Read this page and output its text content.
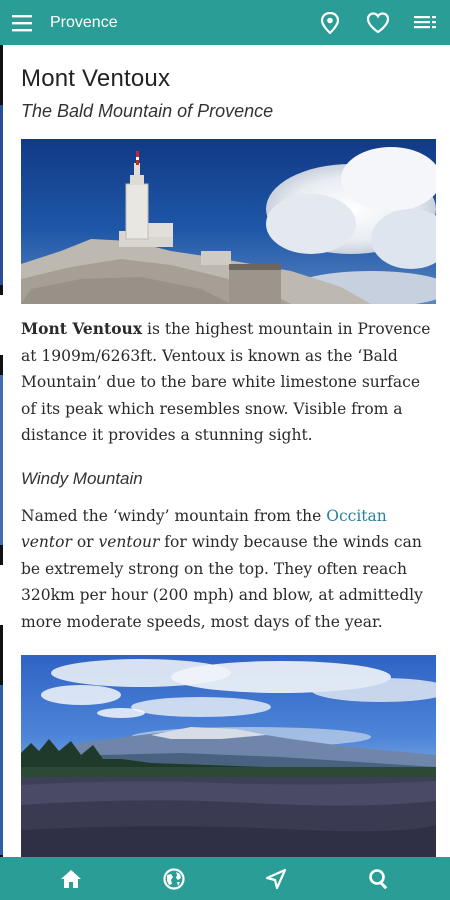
Provence
Mont Ventoux
The Bald Mountain of Provence

Mont Ventoux is the highest mountain in Provence at 1909m/6263ft. Ventoux is known as the ‘Bald Mountain’ due to the bare white limestone surface of its peak which resembles snow. Visible from a distance it provides a stunning sight.

Windy Mountain

Named the ‘windy’ mountain from the Occitan ventor or ventour for windy because the winds can be extremely strong on the top. They often reach 320km per hour (200 mph) and blow, at admittedly more moderate speeds, most days of the year.
